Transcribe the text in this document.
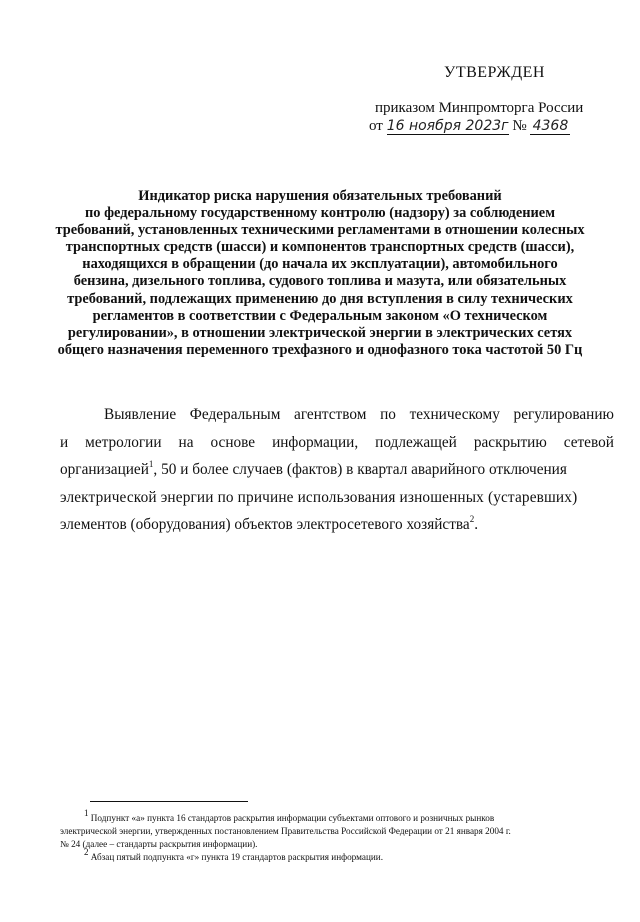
УТВЕРЖДЕН
приказом Минпромторга России
от 16 ноября 2023г № 4368
Индикатор риска нарушения обязательных требований
по федеральному государственному контролю (надзору) за соблюдением
требований, установленных техническими регламентами в отношении колесных
транспортных средств (шасси) и компонентов транспортных средств (шасси),
находящихся в обращении (до начала их эксплуатации), автомобильного
бензина, дизельного топлива, судового топлива и мазута, или обязательных
требований, подлежащих применению до дня вступления в силу технических
регламентов в соответствии с Федеральным законом «О техническом
регулировании», в отношении электрической энергии в электрических сетях
общего назначения переменного трехфазного и однофазного тока частотой 50 Гц
Выявление Федеральным агентством по техническому регулированию
и метрологии на основе информации, подлежащей раскрытию сетевой
организацией$^1$, 50 и более случаев (фактов) в квартал аварийного отключения
электрической энергии по причине использования изношенных (устаревших)
элементов (оборудования) объектов электросетевого хозяйства$^2$.
$^1$ Подпункт «а» пункта 16 стандартов раскрытия информации субъектами оптового и розничных рынков
электрической энергии, утвержденных постановлением Правительства Российской Федерации от 21 января 2004 г.
№ 24 (далее – стандарты раскрытия информации).
$^2$ Абзац пятый подпункта «г» пункта 19 стандартов раскрытия информации.
